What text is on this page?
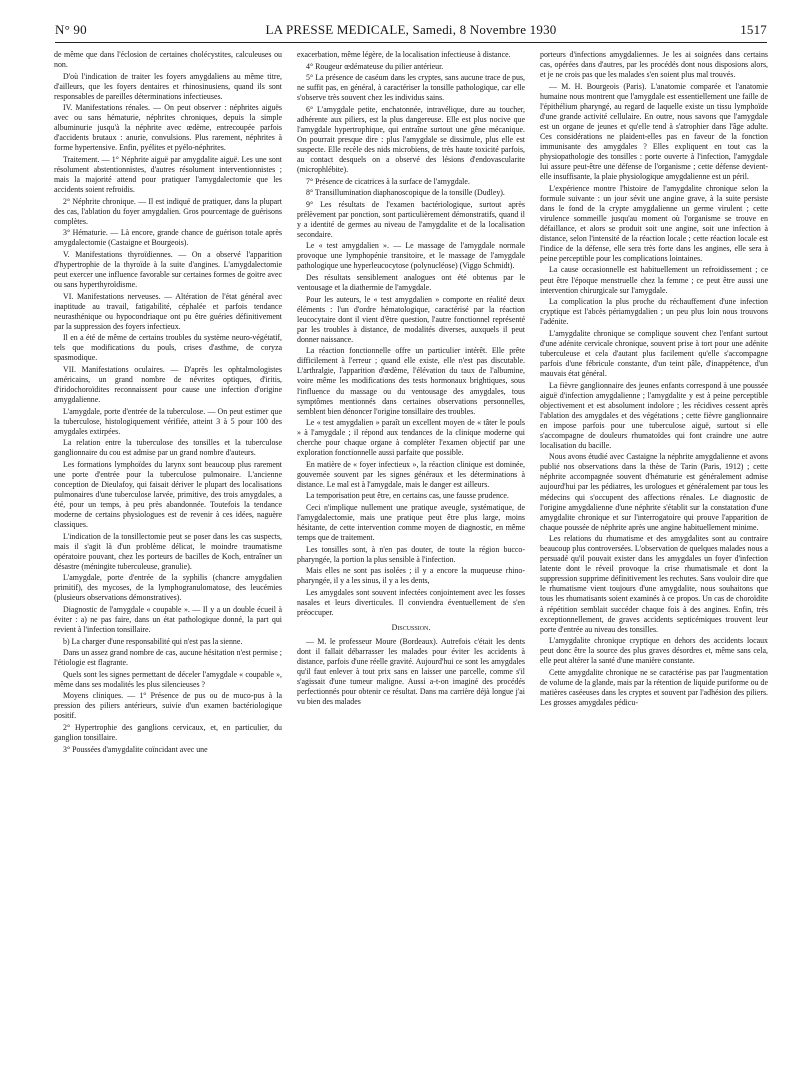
N° 90	LA PRESSE MEDICALE, Samedi, 8 Novembre 1930	1517

de même que dans l'éclosion de certaines cholécystites, calculeuses ou non.

D'où l'indication de traiter les foyers amygdaliens au même titre, d'ailleurs, que les foyers dentaires et rhinosinusiens, quand ils sont responsables de pareilles déterminations infectieuses.

IV. Manifestations rénales. — On peut observer : néphrites aiguës avec ou sans hématurie, néphrites chroniques, depuis la simple albuminurie jusqu'à la néphrite avec œdème, entrecoupée parfois d'accidents brutaux : anurie, convulsions. Plus rarement, néphrites à forme hypertensive. Enfin, pyélites et pyélo-néphrites.

Traitement. — 1° Néphrite aiguë par amygdalite aiguë. Les une sont résolument abstentionnistes, d'autres résolument interventionnistes ; mais la majorité attend pour pratiquer l'amygdalectomie que les accidents soient refroidis.

2° Néphrite chronique. — Il est indiqué de pratiquer, dans la plupart des cas, l'ablation du foyer amygdalien. Gros pourcentage de guérisons complètes.

3° Hématurie. — Là encore, grande chance de guérison totale après amygdalectomie (Castaigne et Bourgeois).

V. Manifestations thyroïdiennes. — On a observé l'apparition d'hypertrophie de la thyroïde à la suite d'angines. L'amygdalectomie peut exercer une influence favorable sur certaines formes de goitre avec ou sans hyperthyroïdisme.

VI. Manifestations nerveuses. — Altération de l'état général avec inaptitude au travail, fatigabilité, céphalée et parfois tendance neurasthénique ou hypocondriaque ont pu être guéries définitivement par la suppression des foyers infectieux.

Il en a été de même de certains troubles du système neuro-végétatif, tels que modifications du pouls, crises d'asthme, de coryza spasmodique.

VII. Manifestations oculaires. — D'après les ophtalmologistes américains, un grand nombre de névrites optiques, d'iritis, d'iridochoroïdites reconnaissent pour cause une infection d'origine amygdalienne.

L'amygdale, porte d'entrée de la tuberculose. — On peut estimer que la tuberculose, histologiquement vérifiée, atteint 3 à 5 pour 100 des amygdales extirpées.

La relation entre la tuberculose des tonsilles et la tuberculose ganglionnaire du cou est admise par un grand nombre d'auteurs.

Les formations lymphoïdes du larynx sont beaucoup plus rarement une porte d'entrée pour la tuberculose pulmonaire. L'ancienne conception de Dieulafoy, qui faisait dériver le plupart des localisations pulmonaires d'une tuberculose larvée, primitive, des trois amygdales, a été, pour un temps, à peu près abandonnée. Toutefois la tendance moderne de certains physiologues est de revenir à ces idées, naguère classiques.

L'indication de la tonsillectomie peut se poser dans les cas suspects, mais il s'agit là d'un problème délicat, le moindre traumatisme opératoire pouvant, chez les porteurs de bacilles de Koch, entraîner un désastre (méningite tuberculeuse, granulie).

L'amygdale, porte d'entrée de la syphilis (chancre amygdalien primitif), des mycoses, de la lymphogranulomatose, des leucémies (plusieurs observations démonstratives).

Diagnostic de l'amygdale « coupable ». — Il y a un double écueil à éviter : a) ne pas faire, dans un état pathologique donné, la part qui revient à l'infection tonsillaire.

b) La charger d'une responsabilité qui n'est pas la sienne.

Dans un assez grand nombre de cas, aucune hésitation n'est permise ; l'étiologie est flagrante.

Quels sont les signes permettant de déceler l'amygdale « coupable », même dans ses modalités les plus silencieuses ?

Moyens cliniques. — 1° Présence de pus ou de muco-pus à la pression des piliers antérieurs, suivie d'un examen bactériologique positif.

2° Hypertrophie des ganglions cervicaux, et, en particulier, du ganglion tonsillaire.

3° Poussées d'amygdalite coïncidant avec une

exacerbation, même légère, de la localisation infectieuse à distance.

4° Rougeur œdémateuse du pilier antérieur.

5° La présence de caséum dans les cryptes, sans aucune trace de pus, ne suffit pas, en général, à caractériser la tonsille pathologique, car elle s'observe très souvent chez les individus sains.

6° L'amygdale petite, enchatonnée, intravélique, dure au toucher, adhérente aux piliers, est la plus dangereuse. Elle est plus nocive que l'amygdale hypertrophique, qui entraîne surtout une gêne mécanique. On pourrait presque dire : plus l'amygdale se dissimule, plus elle est suspecte. Elle recèle des nids microbiens, de très haute toxicité parfois, au contact desquels on a observé des lésions d'endovascularite (microphlébite).

7° Présence de cicatrices à la surface de l'amygdale.

8° Transillumination diaphanoscopique de la tonsille (Dudley).

9° Les résultats de l'examen bactériologique, surtout après prélèvement par ponction, sont particulièrement démonstratifs, quand il y a identité de germes au niveau de l'amygdalite et de la localisation secondaire.

Le « test amygdalien ». — Le massage de l'amygdale normale provoque une lymphopénie transitoire, et le massage de l'amygdale pathologique une hyperleucocytose (polynucléose) (Viggo Schmidt).

Des résultats sensiblement analogues ont été obtenus par le ventousage et la diathermie de l'amygdale.

Pour les auteurs, le « test amygdalien » comporte en réalité deux éléments : l'un d'ordre hématologique, caractérisé par la réaction leucocytaire dont il vient d'être question, l'autre fonctionnel représenté par les troubles à distance, de modalités diverses, auxquels il peut donner naissance.

La réaction fonctionnelle offre un particulier intérêt. Elle prête difficilement à l'erreur ; quand elle existe, elle n'est pas discutable. L'arthralgie, l'apparition d'œdème, l'élévation du taux de l'albumine, voire même les modifications des tests hormonaux brightiques, sous l'influence du massage ou du ventousage des amygdales, tous symptômes mentionnés dans certaines observations personnelles, semblent bien dénoncer l'origine tonsillaire des troubles.

Le « test amygdalien » paraît un excellent moyen de « tâter le pouls » à l'amygdale ; il répond aux tendances de la clinique moderne qui cherche pour chaque organe à compléter l'examen objectif par une exploration fonctionnelle aussi parfaite que possible.

En matière de « foyer infectieux », la réaction clinique est dominée, gouvernée souvent par les signes généraux et les déterminations à distance. Le mal est à l'amygdale, mais le danger est ailleurs.

La temporisation peut être, en certains cas, une fausse prudence.

Ceci n'implique nullement une pratique aveugle, systématique, de l'amygdalectomie, mais une pratique peut être plus large, moins hésitante, de cette intervention comme moyen de diagnostic, en même temps que de traitement.

Les tonsilles sont, à n'en pas douter, de toute la région bucco-pharyngée, la portion la plus sensible à l'infection.

Mais elles ne sont pas isolées ; il y a encore la muqueuse rhino-pharyngée, il y a les sinus, il y a les dents,

Les amygdales sont souvent infectées conjointement avec les fosses nasales et leurs diverticules. Il conviendra éventuellement de s'en préoccuper.

Discussion.

— M. le professeur Moure (Bordeaux). Autrefois c'était les dents dont il fallait débarrasser les malades pour éviter les accidents à distance, parfois d'une réelle gravité. Aujourd'hui ce sont les amygdales qu'il faut enlever à tout prix sans en laisser une parcelle, comme s'il s'agissait d'une tumeur maligne. Aussi a-t-on imaginé des procédés perfectionnés pour obtenir ce résultat. Dans ma carrière déjà longue j'ai vu bien des malades

porteurs d'infections amygdaliennes. Je les ai soignées dans certains cas, opérées dans d'autres, par les procédés dont nous disposions alors, et je ne crois pas que les malades s'en soient plus mal trouvés.

— M. H. Bourgeois (Paris). L'anatomie comparée et l'anatomie humaine nous montrent que l'amygdale est essentiellement une faille de l'épithélium pharyngé, au regard de laquelle existe un tissu lymphoïde d'une grande activité cellulaire. En outre, nous savons que l'amygdale est un organe de jeunes et qu'elle tend à s'atrophier dans l'âge adulte. Ces considérations ne plaident-elles pas en faveur de la fonction immunisante des amygdales ? Elles expliquent en tout cas la physiopathologie des tonsilles : porte ouverte à l'infection, l'amygdale lui assure peut-être une défense de l'organisme ; cette défense devient-elle insuffisante, la plaie physiologique amygdalienne est un péril.

L'expérience montre l'histoire de l'amygdalite chronique selon la formule suivante : un jour sévit une angine grave, à la suite persiste dans le fond de la crypte amygdalienne un germe virulent ; cette virulence sommeille jusqu'au moment où l'organisme se trouve en défaillance, et alors se produit soit une angine, soit une infection à distance, selon l'intensité de la réaction locale ; cette réaction locale est l'indice de la défense, elle sera très forte dans les angines, elle sera à peine perceptible pour les complications lointaines.

La cause occasionnelle est habituellement un refroidissement ; ce peut être l'époque menstruelle chez la femme ; ce peut être aussi une intervention chirurgicale sur l'amygdale.

La complication la plus proche du réchauffement d'une infection cryptique est l'abcès périamygdalien ; un peu plus loin nous trouvons l'adénite.

L'amygdalite chronique se complique souvent chez l'enfant surtout d'une adénite cervicale chronique, souvent prise à tort pour une adénite tuberculeuse et cela d'autant plus facilement qu'elle s'accompagne parfois d'une fébricule constante, d'un teint pâle, d'inappétence, d'un mauvais état général.

La fièvre ganglionnaire des jeunes enfants correspond à une poussée aiguë d'infection amygdalienne ; l'amygdalite y est à peine perceptible objectivement et est absolument indolore ; les récidives cessent après l'ablation des amygdales et des végétations ; cette fièvre ganglionnaire en impose parfois pour une tuberculose aiguë, surtout si elle s'accompagne de douleurs rhumatoïdes qui font craindre une autre localisation du bacille.

Nous avons étudié avec Castaigne la néphrite amygdalienne et avons publié nos observations dans la thèse de Tarin (Paris, 1912) ; cette néphrite accompagnée souvent d'hématurie est généralement admise aujourd'hui par les pédiatres, les urologues et généralement par tous les médecins qui s'occupent des affections rénales. Le diagnostic de l'origine amygdalienne d'une néphrite s'établit sur la constatation d'une amygdalite chronique et sur l'interrogatoire qui prouve l'apparition de chaque poussée de néphrite après une angine habituellement minime.

Les relations du rhumatisme et des amygdalites sont au contraire beaucoup plus controversées. L'observation de quelques malades nous a persuadé qu'il pouvait exister dans les amygdales un foyer d'infection latente dont le réveil provoque la crise rhumatismale et dont la suppression supprime définitivement les rechutes. Sans vouloir dire que le rhumatisme vient toujours d'une amygdalite, nous souhaitons que tous les rhumatisants soient examinés à ce propos. Un cas de choroïdite à répétition semblait succéder chaque fois à des angines. Enfin, très exceptionnellement, de graves accidents septicémiques trouvent leur porte d'entrée au niveau des tonsilles.

L'amygdalite chronique cryptique en dehors des accidents locaux peut donc être la source des plus graves désordres et, même sans cela, elle peut altérer la santé d'une manière constante.

Cette amygdalite chronique ne se caractérise pas par l'augmentation de volume de la glande, mais par la rétention de liquide puriforme ou de matières caséeuses dans les cryptes et souvent par l'adhésion des piliers. Les grosses amygdales pédicu-
